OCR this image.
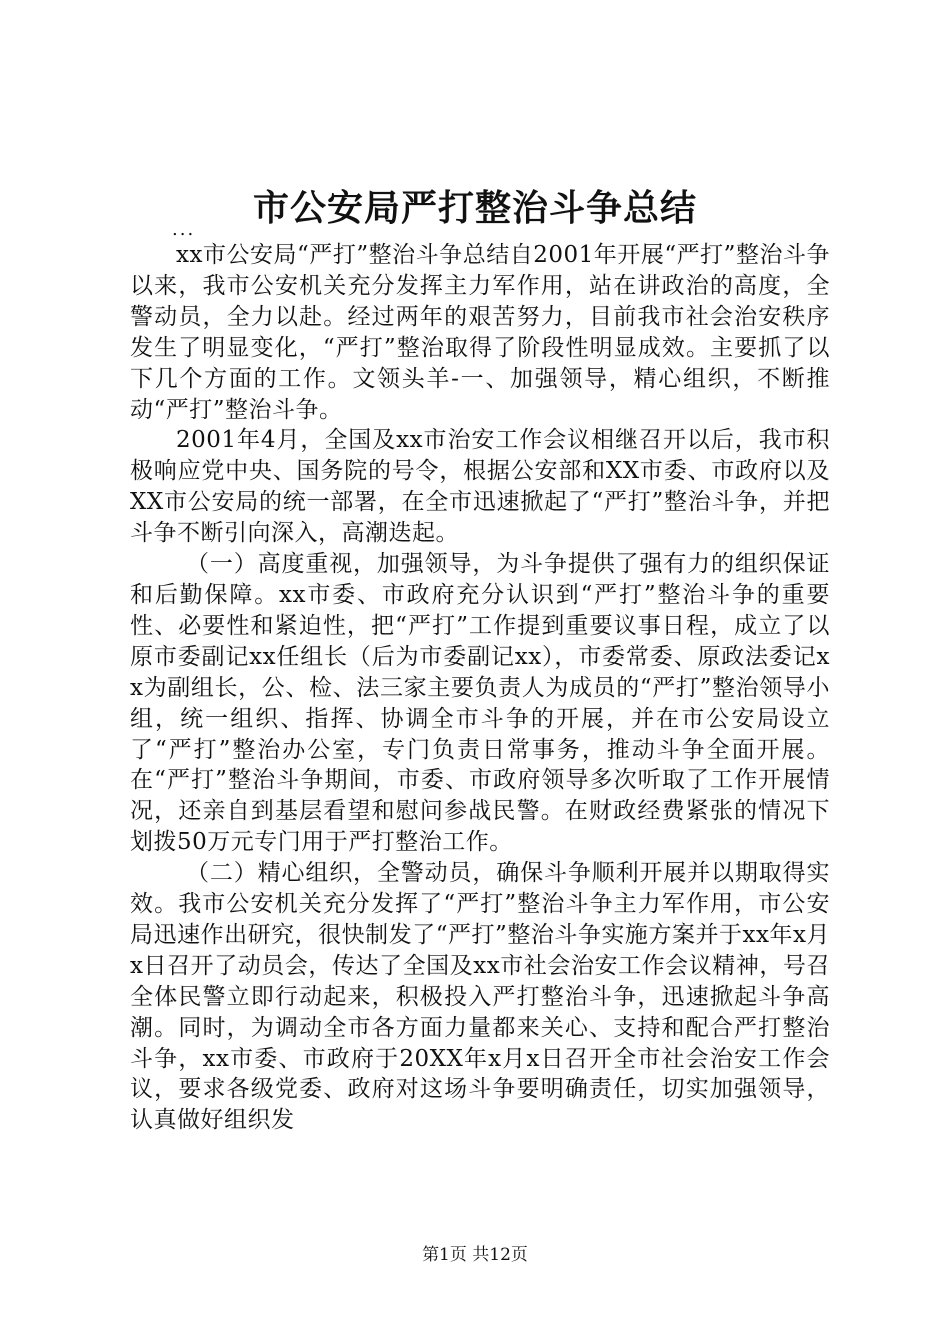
市公安局严打整治斗争总结
...

xx市公安局“严打”整治斗争总结自2001年开展“严打”整治斗争以来，我市公安机关充分发挥主力军作用，站在讲政治的高度，全警动员，全力以赴。经过两年的艰苦努力，目前我市社会治安秩序发生了明显变化，“严打”整治取得了阶段性明显成效。主要抓了以下几个方面的工作。文领头羊-一、加强领导，精心组织，不断推动“严打”整治斗争。

2001年4月，全国及xx市治安工作会议相继召开以后，我市积极响应党中央、国务院的号令，根据公安部和XX市委、市政府以及XX市公安局的统一部署，在全市迅速掀起了“严打”整治斗争，并把斗争不断引向深入，高潮迭起。

（一）高度重视，加强领导，为斗争提供了强有力的组织保证和后勤保障。xx市委、市政府充分认识到“严打”整治斗争的重要性、必要性和紧迫性，把“严打”工作提到重要议事日程，成立了以原市委副记xx任组长（后为市委副记xx），市委常委、原政法委记xx为副组长，公、检、法三家主要负责人为成员的“严打”整治领导小组，统一组织、指挥、协调全市斗争的开展，并在市公安局设立了“严打”整治办公室，专门负责日常事务，推动斗争全面开展。在“严打”整治斗争期间，市委、市政府领导多次听取了工作开展情况，还亲自到基层看望和慰问参战民警。在财政经费紧张的情况下划拨50万元专门用于严打整治工作。

（二）精心组织，全警动员，确保斗争顺利开展并以期取得实效。我市公安机关充分发挥了“严打”整治斗争主力军作用，市公安局迅速作出研究，很快制发了“严打”整治斗争实施方案并于xx年x月x日召开了动员会，传达了全国及xx市社会治安工作会议精神，号召全体民警立即行动起来，积极投入严打整治斗争，迅速掀起斗争高潮。同时，为调动全市各方面力量都来关心、支持和配合严打整治斗争，xx市委、市政府于20XX年x月x日召开全市社会治安工作会议，要求各级党委、政府对这场斗争要明确责任，切实加强领导，认真做好组织发

第1页 共12页
